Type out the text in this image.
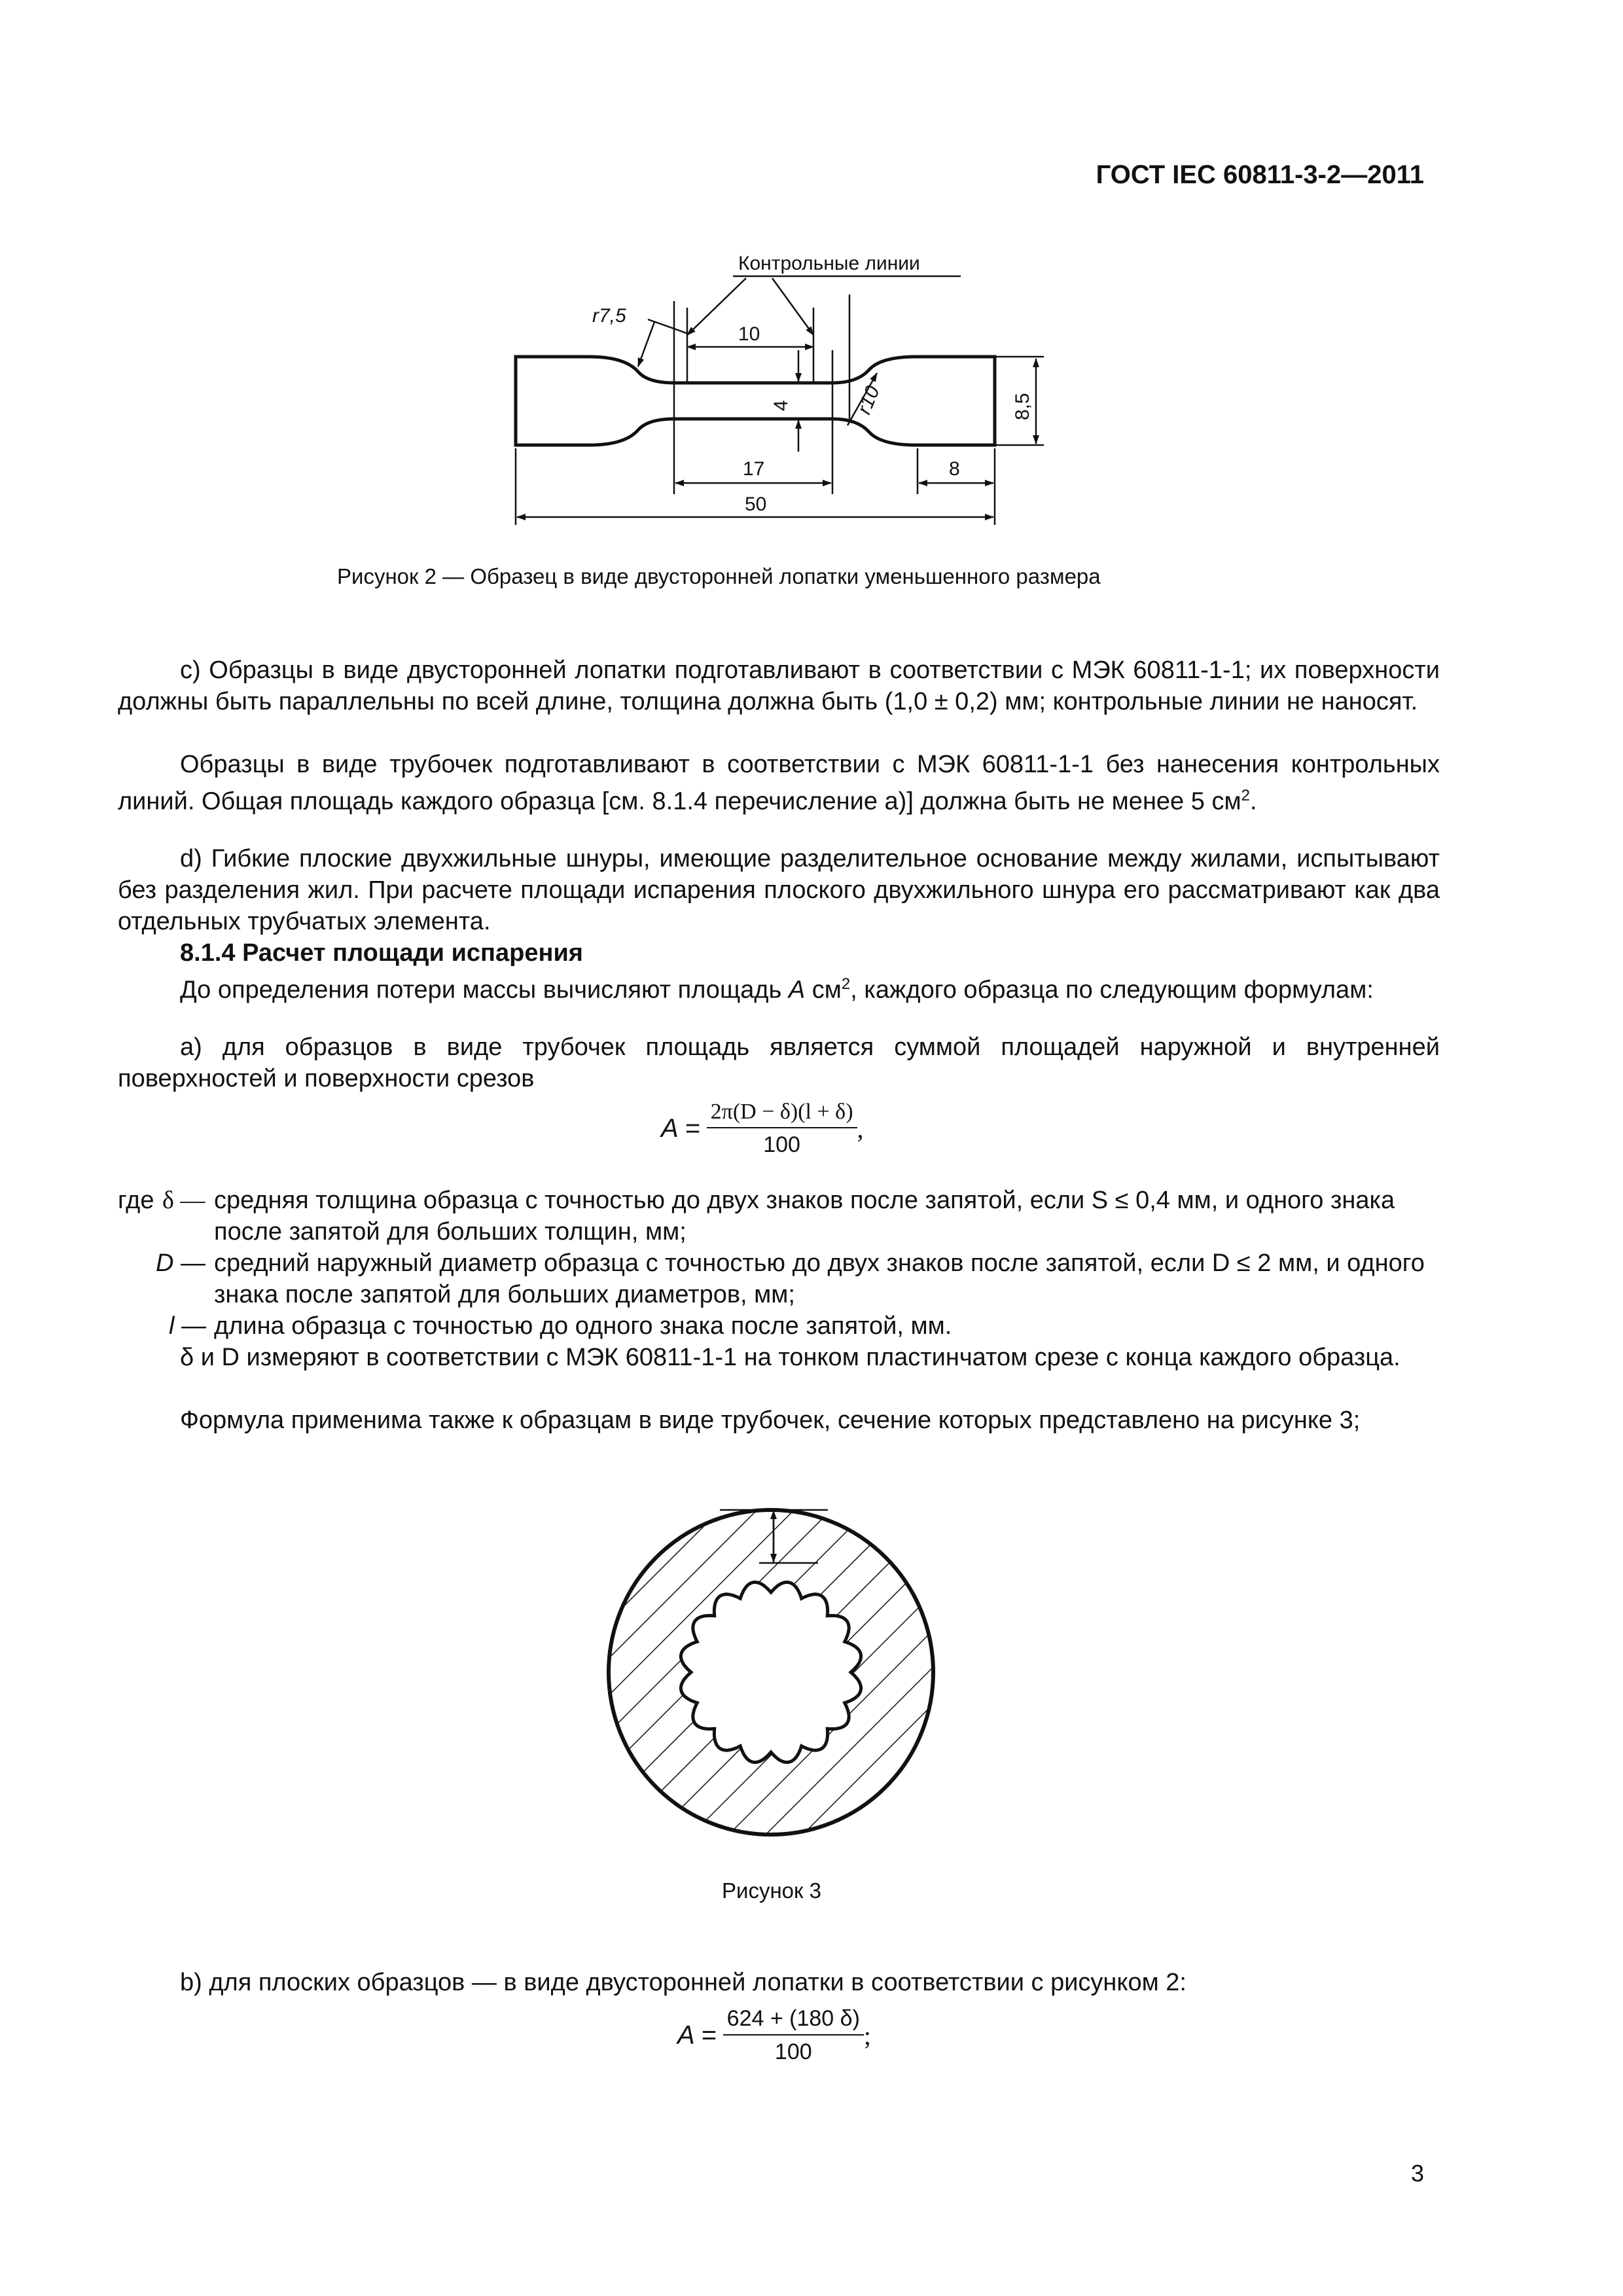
ГОСТ IEC 60811-3-2—2011
Контрольные линии
r7,5
10
4	r10	8,5
17	8
50
Рисунок 2 — Образец в виде двусторонней лопатки уменьшенного размера
c) Образцы в виде двусторонней лопатки подготавливают в соответствии с МЭК 60811-1-1; их поверхности должны быть параллельны по всей длине, толщина должна быть (1,0 ± 0,2) мм; контрольные линии не наносят.
Образцы в виде трубочек подготавливают в соответствии с МЭК 60811-1-1 без нанесения контрольных линий. Общая площадь каждого образца [см. 8.1.4 перечисление a)] должна быть не менее 5 $см^2$.
d) Гибкие плоские двухжильные шнуры, имеющие разделительное основание между жилами, испытывают без разделения жил. При расчете площади испарения плоского двухжильного шнура его рассматривают как два отдельных трубчатых элемента.
8.1.4 Расчет площади испарения
До определения потери массы вычисляют площадь A $см^2$, каждого образца по следующим формулам:
a) для образцов в виде трубочек площадь является суммой площадей наружной и внутренней поверхностей и поверхности срезов
$A = \frac{2\pi(D - \delta)(l + \delta)}{100}$ ,
где δ — средняя толщина образца с точностью до двух знаков после запятой, если S ≤ 0,4 мм, и одного знака после запятой для больших толщин, мм;
D — средний наружный диаметр образца с точностью до двух знаков после запятой, если D ≤ 2 мм, и одного знака после запятой для больших диаметров, мм;
l — длина образца с точностью до одного знака после запятой, мм.
δ и D измеряют в соответствии с МЭК 60811-1-1 на тонком пластинчатом срезе с конца каждого образца.
Формула применима также к образцам в виде трубочек, сечение которых представлено на рисунке 3;
Рисунок 3
b) для плоских образцов — в виде двусторонней лопатки в соответствии с рисунком 2:
$A = \frac{624 + (180 \delta)}{100}$ ;
3
